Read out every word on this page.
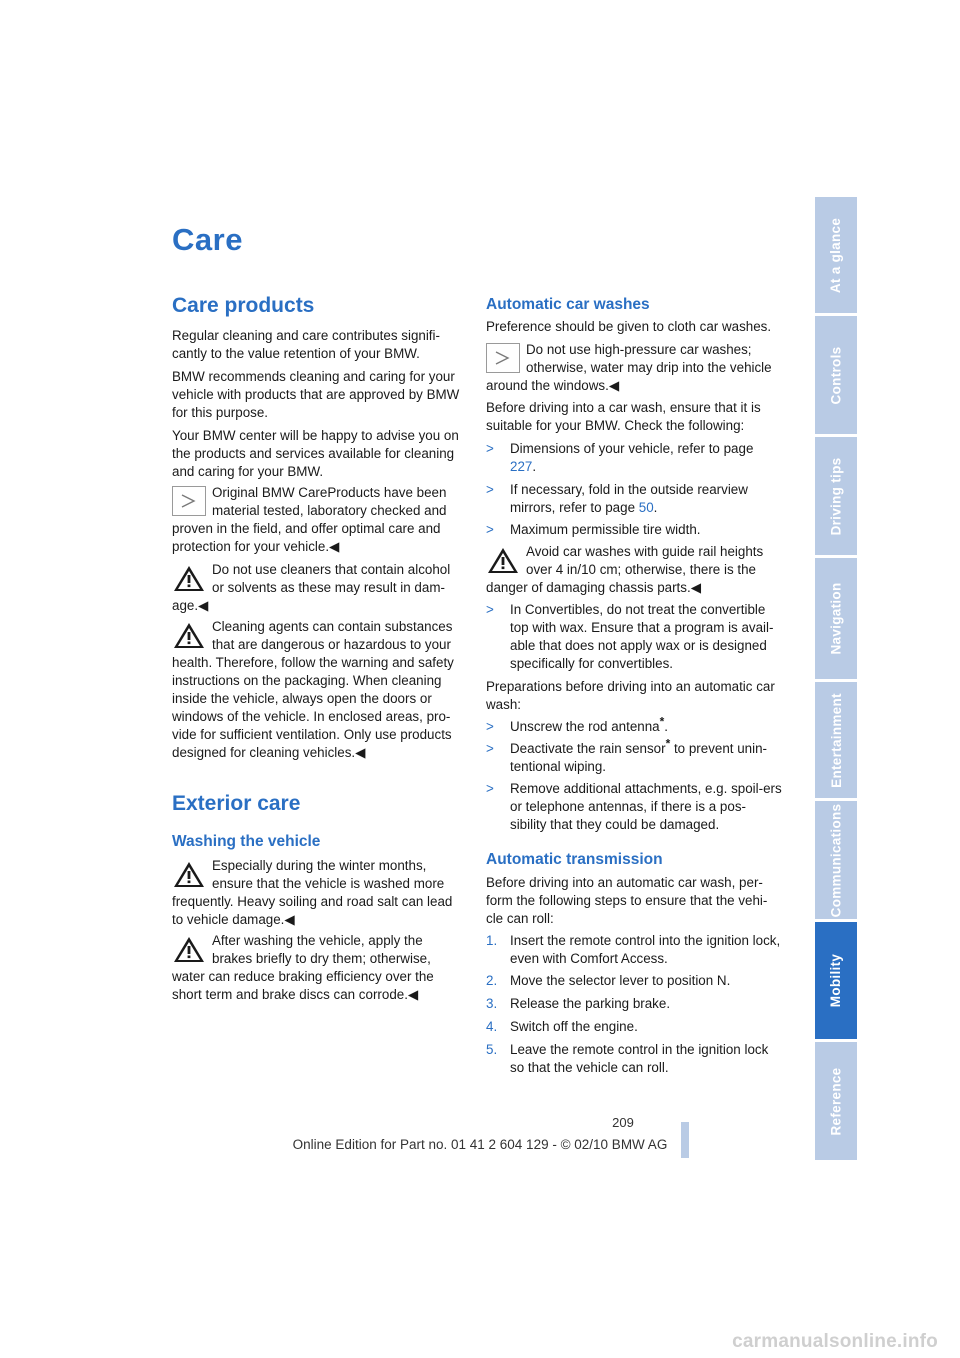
Care
Care products

Regular cleaning and care contributes signifi-cantly to the value retention of your BMW.

BMW recommends cleaning and caring for your vehicle with products that are approved by BMW for this purpose.

Your BMW center will be happy to advise you on the products and services available for cleaning and caring for your BMW.

Original BMW CareProducts have been material tested, laboratory checked and proven in the field, and offer optimal care and protection for your vehicle.◀
Do not use cleaners that contain alcohol or solvents as these may result in dam-age.◀
Cleaning agents can contain substances that are dangerous or hazardous to your health. Therefore, follow the warning and safety instructions on the packaging. When cleaning inside the vehicle, always open the doors or windows of the vehicle. In enclosed areas, pro-vide for sufficient ventilation. Only use products designed for cleaning vehicles.◀
Exterior care
Washing the vehicle
Especially during the winter months, ensure that the vehicle is washed more frequently. Heavy soiling and road salt can lead to vehicle damage.◀
After washing the vehicle, apply the brakes briefly to dry them; otherwise, water can reduce braking efficiency over the short term and brake discs can corrode.◀
Automatic car washes

Preference should be given to cloth car washes.

Do not use high-pressure car washes; otherwise, water may drip into the vehicle around the windows.◀

Before driving into a car wash, ensure that it is suitable for your BMW. Check the following:

> Dimensions of your vehicle, refer to page 227.
> If necessary, fold in the outside rearview mirrors, refer to page 50.
> Maximum permissible tire width.
Avoid car washes with guide rail heights over 4 in/10 cm; otherwise, there is the danger of damaging chassis parts.◀
> In Convertibles, do not treat the convertible top with wax. Ensure that a program is avail-able that does not apply wax or is designed specifically for convertibles.

Preparations before driving into an automatic car wash:

> Unscrew the rod antenna*.
> Deactivate the rain sensor* to prevent unin-tentional wiping.
> Remove additional attachments, e.g. spoil-ers or telephone antennas, if there is a pos-sibility that they could be damaged.
Automatic transmission

Before driving into an automatic car wash, per-form the following steps to ensure that the vehi-cle can roll:

1. Insert the remote control into the ignition lock, even with Comfort Access.
2. Move the selector lever to position N.
3. Release the parking brake.
4. Switch off the engine.
5. Leave the remote control in the ignition lock so that the vehicle can roll.
At a glance
Controls
Driving tips
Navigation
Entertainment
Communications
Mobility
Reference
209
Online Edition for Part no. 01 41 2 604 129 - © 02/10 BMW AG
carmanualsonline.info
